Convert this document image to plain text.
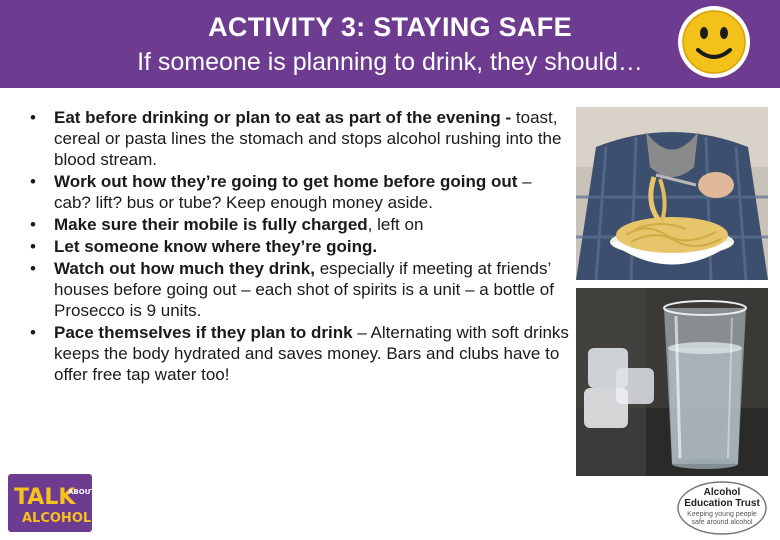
ACTIVITY 3: STAYING SAFE
If someone is planning to drink, they should…
• Eat before drinking or plan to eat as part of the evening - toast, cereal or pasta lines the stomach and stops alcohol rushing into the blood stream.
• Work out how they’re going to get home before going out – cab? lift? bus or tube? Keep enough money aside.
• Make sure their mobile is fully charged, left on
• Let someone know where they’re going.
• Watch out how much they drink, especially if meeting at friends’ houses before going out – each shot of spirits is a unit – a bottle of Prosecco is 9 units.
• Pace themselves if they plan to drink – Alternating with soft drinks keeps the body hydrated and saves money. Bars and clubs have to offer free tap water too!
TALK
ABOUT
ALCOHOL
Alcohol
Education Trust
Keeping young people
safe around alcohol
